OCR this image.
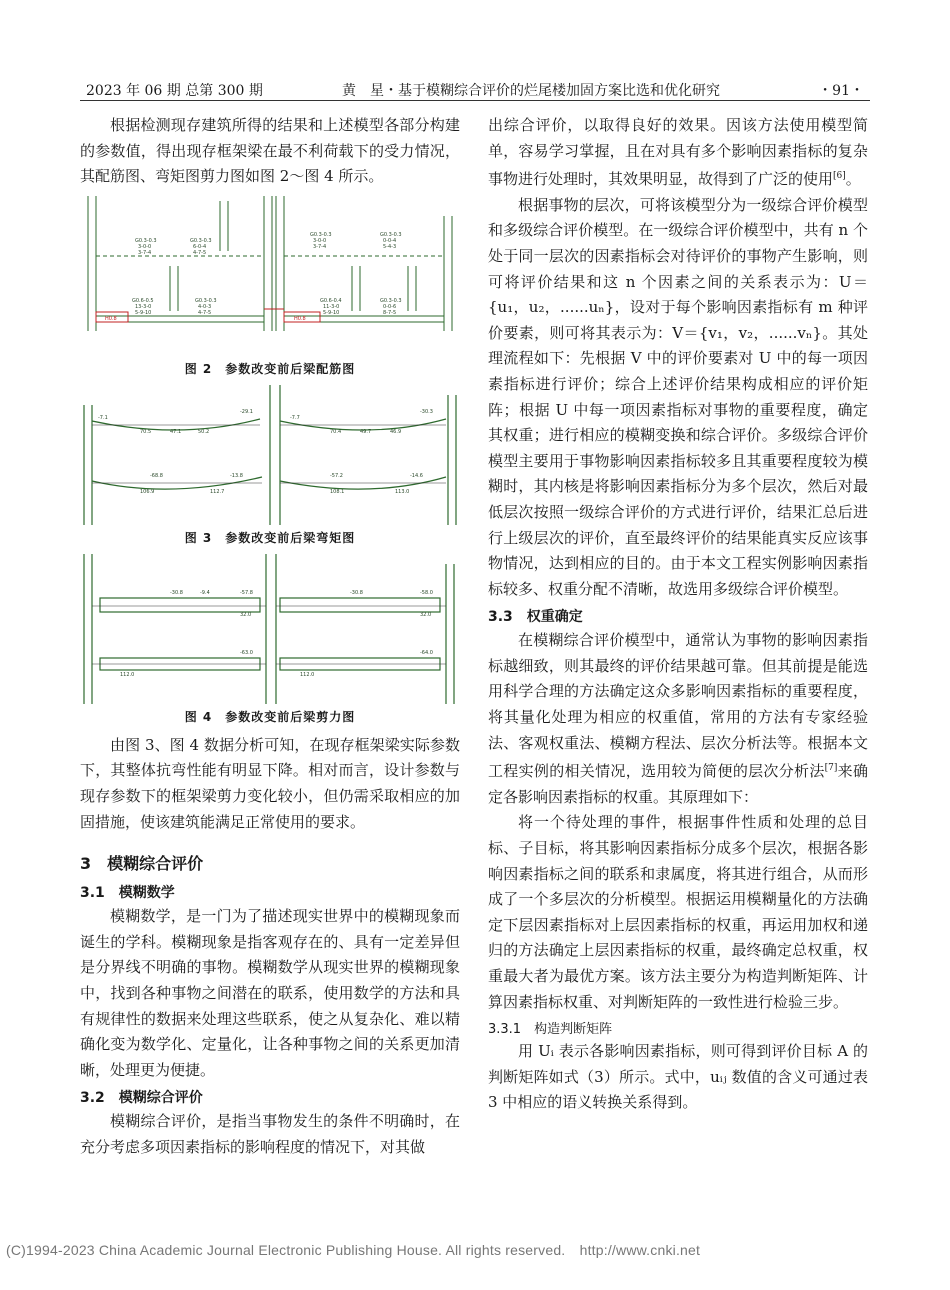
2023 年 06 期 总第 300 期	黄　星・基于模糊综合评价的烂尾楼加固方案比选和优化研究	・91・

根据检测现存建筑所得的结果和上述模型各部分构建的参数值，得出现存框架梁在最不利荷载下的受力情况，其配筋图、弯矩图剪力图如图 2～图 4 所示。

G0.3-0.3
3-0-0
3-7-4
G0.3-0.3
6-0-4
4-7-5
G0.3-0.3
3-0-0
3-7-4
G0.3-0.3
0-0-4
5-4-3
G0.6-0.5
13-3-0
5-9-10
G0.3-0.3
4-0-3
4-7-5
G0.6-0.4
11-3-0
5-9-10
G0.3-0.3
0-0-6
8-7-5
H0.8	H0.8
图 2　参数改变前后梁配筋图
-7.1
-29.1
-7.7
-30.3
70.5	47.1	50.2	70.4	49.7	46.9
-68.8	-13.8	-57.2	-14.6
106.9	112.7	108.1	113.0
图 3　参数改变前后梁弯矩图
-30.8	-9.4	-57.8	-30.8	-58.0
32.0
-63.0
32.0
-64.0
112.0	112.0
图 4　参数改变前后梁剪力图

由图 3、图 4 数据分析可知，在现存框架梁实际参数下，其整体抗弯性能有明显下降。相对而言，设计参数与现存参数下的框架梁剪力变化较小，但仍需采取相应的加固措施，使该建筑能满足正常使用的要求。

3　模糊综合评价
3.1　模糊数学

模糊数学，是一门为了描述现实世界中的模糊现象而诞生的学科。模糊现象是指客观存在的、具有一定差异但是分界线不明确的事物。模糊数学从现实世界的模糊现象中，找到各种事物之间潜在的联系，使用数学的方法和具有规律性的数据来处理这些联系，使之从复杂化、难以精确化变为数学化、定量化，让各种事物之间的关系更加清晰，处理更为便捷。

3.2　模糊综合评价

模糊综合评价，是指当事物发生的条件不明确时，在充分考虑多项因素指标的影响程度的情况下，对其做

出综合评价，以取得良好的效果。因该方法使用模型简单，容易学习掌握，且在对具有多个影响因素指标的复杂事物进行处理时，其效果明显，故得到了广泛的使用[6]。

根据事物的层次，可将该模型分为一级综合评价模型和多级综合评价模型。在一级综合评价模型中，共有 n 个处于同一层次的因素指标会对待评价的事物产生影响，则可将评价结果和这 n 个因素之间的关系表示为：U＝{u₁，u₂，......uₙ}，设对于每个影响因素指标有 m 种评价要素，则可将其表示为：V＝{v₁，v₂，......vₙ}。其处理流程如下：先根据 V 中的评价要素对 U 中的每一项因素指标进行评价；综合上述评价结果构成相应的评价矩阵；根据 U 中每一项因素指标对事物的重要程度，确定其权重；进行相应的模糊变换和综合评价。多级综合评价模型主要用于事物影响因素指标较多且其重要程度较为模糊时，其内核是将影响因素指标分为多个层次，然后对最低层次按照一级综合评价的方式进行评价，结果汇总后进行上级层次的评价，直至最终评价的结果能真实反应该事物情况，达到相应的目的。由于本文工程实例影响因素指标较多、权重分配不清晰，故选用多级综合评价模型。

3.3　权重确定

在模糊综合评价模型中，通常认为事物的影响因素指标越细致，则其最终的评价结果越可靠。但其前提是能选用科学合理的方法确定这众多影响因素指标的重要程度，将其量化处理为相应的权重值，常用的方法有专家经验法、客观权重法、模糊方程法、层次分析法等。根据本文工程实例的相关情况，选用较为简便的层次分析法[7]来确定各影响因素指标的权重。其原理如下：

将一个待处理的事件，根据事件性质和处理的总目标、子目标，将其影响因素指标分成多个层次，根据各影响因素指标之间的联系和隶属度，将其进行组合，从而形成了一个多层次的分析模型。根据运用模糊量化的方法确定下层因素指标对上层因素指标的权重，再运用加权和递归的方法确定上层因素指标的权重，最终确定总权重，权重最大者为最优方案。该方法主要分为构造判断矩阵、计算因素指标权重、对判断矩阵的一致性进行检验三步。

3.3.1　构造判断矩阵

用 Uᵢ 表示各影响因素指标，则可得到评价目标 A 的判断矩阵如式（3）所示。式中，uᵢⱼ 数值的含义可通过表 3 中相应的语义转换关系得到。

(C)1994-2023 China Academic Journal Electronic Publishing House. All rights reserved.　http://www.cnki.net
